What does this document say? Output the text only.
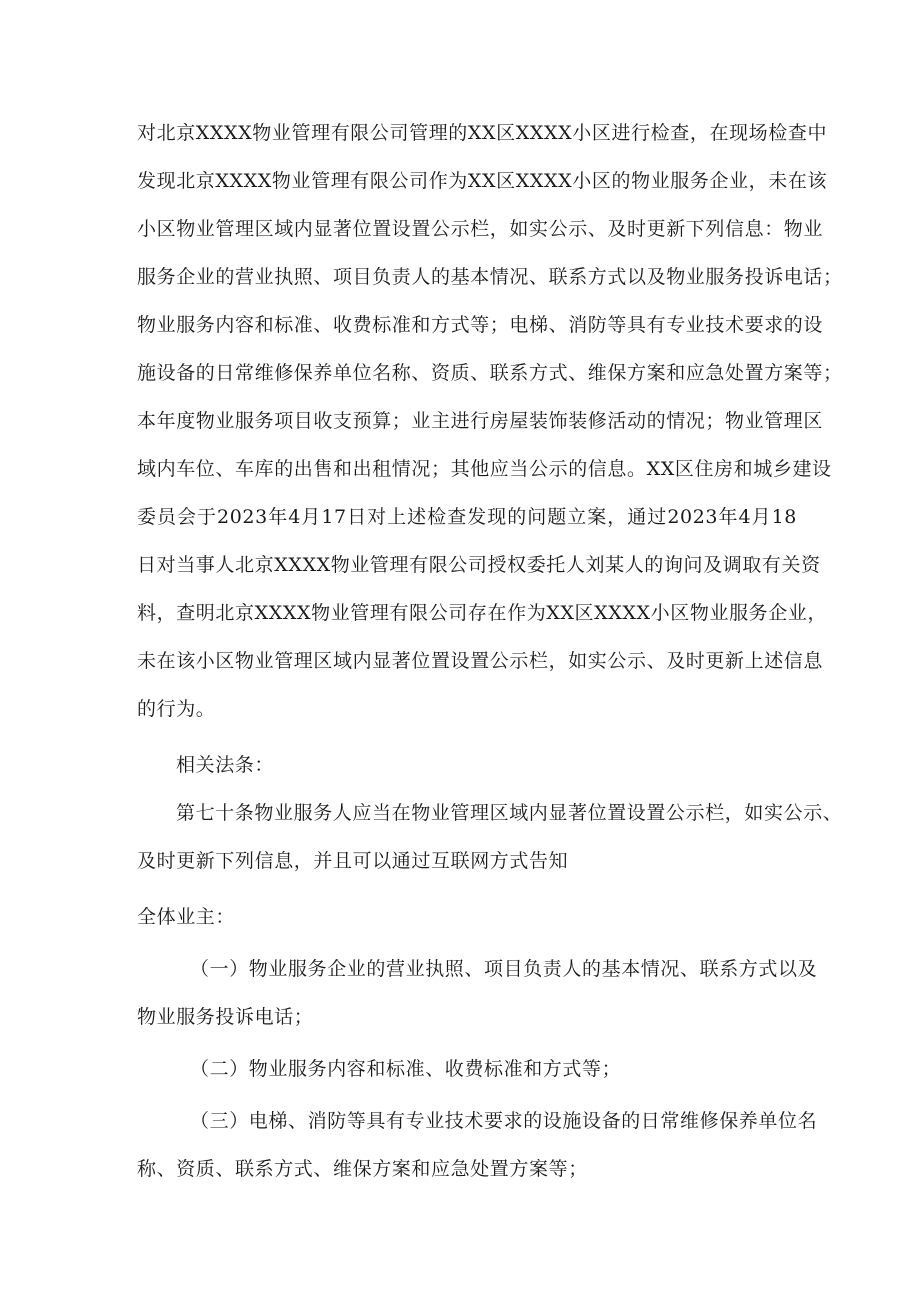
对北京XXXX物业管理有限公司管理的XX区XXXX小区进行检查，在现场检查中
发现北京XXXX物业管理有限公司作为XX区XXXX小区的物业服务企业，未在该
小区物业管理区域内显著位置设置公示栏，如实公示、及时更新下列信息：物业
服务企业的营业执照、项目负责人的基本情况、联系方式以及物业服务投诉电话；
物业服务内容和标准、收费标准和方式等；电梯、消防等具有专业技术要求的设
施设备的日常维修保养单位名称、资质、联系方式、维保方案和应急处置方案等；
本年度物业服务项目收支预算；业主进行房屋装饰装修活动的情况；物业管理区
域内车位、车库的出售和出租情况；其他应当公示的信息。XX区住房和城乡建设
委员会于2023年4月17日对上述检查发现的问题立案，通过2023年4月18
日对当事人北京XXXX物业管理有限公司授权委托人刘某人的询问及调取有关资
料，查明北京XXXX物业管理有限公司存在作为XX区XXXX小区物业服务企业，
未在该小区物业管理区域内显著位置设置公示栏，如实公示、及时更新上述信息
的行为。
相关法条：
第七十条物业服务人应当在物业管理区域内显著位置设置公示栏，如实公示、
及时更新下列信息，并且可以通过互联网方式告知
全体业主：
（一）物业服务企业的营业执照、项目负责人的基本情况、联系方式以及
物业服务投诉电话；
（二）物业服务内容和标准、收费标准和方式等；
（三）电梯、消防等具有专业技术要求的设施设备的日常维修保养单位名
称、资质、联系方式、维保方案和应急处置方案等；
